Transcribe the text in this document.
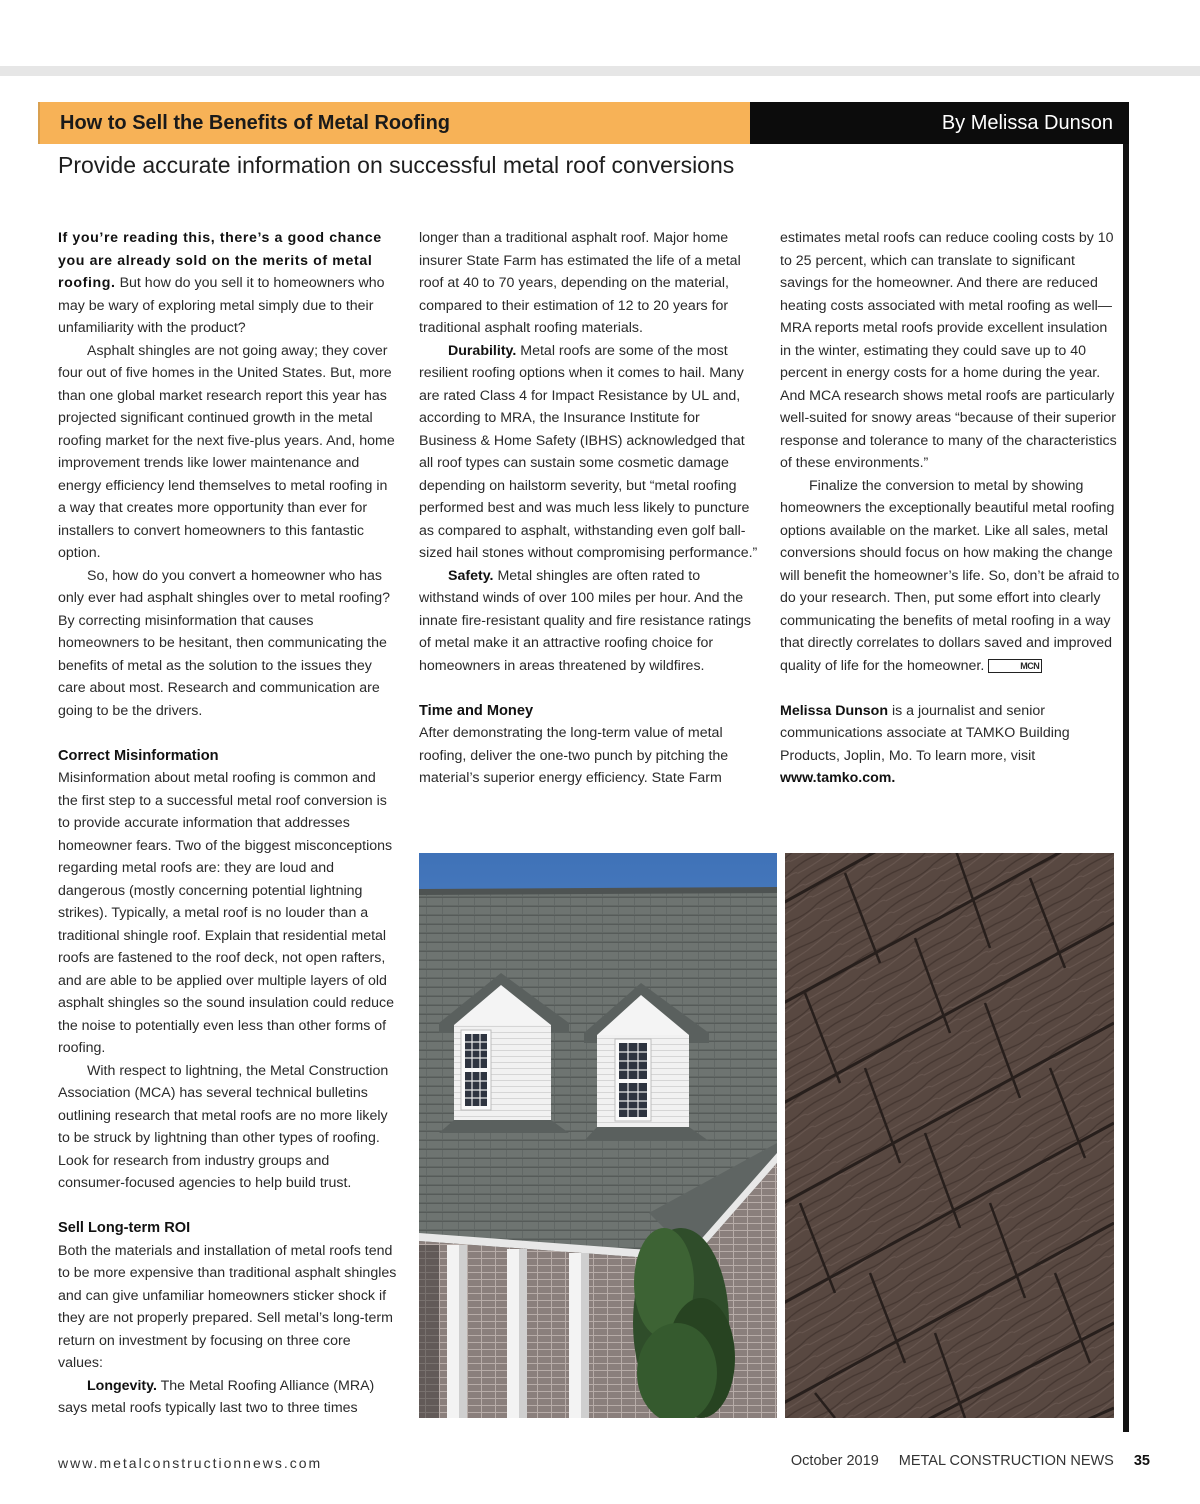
How to Sell the Benefits of Metal Roofing	By Melissa Dunson
Provide accurate information on successful metal roof conversions

If you’re reading this, there’s a good chance you are already sold on the merits of metal roofing. But how do you sell it to homeowners who may be wary of exploring metal simply due to their unfamiliarity with the product?

Asphalt shingles are not going away; they cover four out of five homes in the United States. But, more than one global market research report this year has projected significant continued growth in the metal roofing market for the next five-plus years. And, home improvement trends like lower maintenance and energy efficiency lend themselves to metal roofing in a way that creates more opportunity than ever for installers to convert homeowners to this fantastic option.

So, how do you convert a homeowner who has only ever had asphalt shingles over to metal roofing? By correcting misinformation that causes homeowners to be hesitant, then communicating the benefits of metal as the solution to the issues they care about most. Research and communication are going to be the drivers.

Correct Misinformation

Misinformation about metal roofing is common and the first step to a successful metal roof conversion is to provide accurate information that addresses homeowner fears. Two of the biggest misconceptions regarding metal roofs are: they are loud and dangerous (mostly concerning potential lightning strikes). Typically, a metal roof is no louder than a traditional shingle roof. Explain that residential metal roofs are fastened to the roof deck, not open rafters, and are able to be applied over multiple layers of old asphalt shingles so the sound insulation could reduce the noise to potentially even less than other forms of roofing.

With respect to lightning, the Metal Construction Association (MCA) has several technical bulletins outlining research that metal roofs are no more likely to be struck by lightning than other types of roofing. Look for research from industry groups and consumer-focused agencies to help build trust.

Sell Long-term ROI

Both the materials and installation of metal roofs tend to be more expensive than traditional asphalt shingles and can give unfamiliar homeowners sticker shock if they are not properly prepared. Sell metal’s long-term return on investment by focusing on three core values:

Longevity. The Metal Roofing Alliance (MRA) says metal roofs typically last two to three times

longer than a traditional asphalt roof. Major home insurer State Farm has estimated the life of a metal roof at 40 to 70 years, depending on the material, compared to their estimation of 12 to 20 years for traditional asphalt roofing materials.

Durability. Metal roofs are some of the most resilient roofing options when it comes to hail. Many are rated Class 4 for Impact Resistance by UL and, according to MRA, the Insurance Institute for Business & Home Safety (IBHS) acknowledged that all roof types can sustain some cosmetic damage depending on hailstorm severity, but “metal roofing performed best and was much less likely to puncture as compared to asphalt, withstanding even golf ball-sized hail stones without compromising performance.”

Safety. Metal shingles are often rated to withstand winds of over 100 miles per hour. And the innate fire-resistant quality and fire resistance ratings of metal make it an attractive roofing choice for homeowners in areas threatened by wildfires.

Time and Money

After demonstrating the long-term value of metal roofing, deliver the one-two punch by pitching the material’s superior energy efficiency. State Farm

estimates metal roofs can reduce cooling costs by 10 to 25 percent, which can translate to significant savings for the homeowner. And there are reduced heating costs associated with metal roofing as well—MRA reports metal roofs provide excellent insulation in the winter, estimating they could save up to 40 percent in energy costs for a home during the year. And MCA research shows metal roofs are particularly well-suited for snowy areas “because of their superior response and tolerance to many of the characteristics of these environments.”

Finalize the conversion to metal by showing homeowners the exceptionally beautiful metal roofing options available on the market. Like all sales, metal conversions should focus on how making the change will benefit the homeowner’s life. So, don’t be afraid to do your research. Then, put some effort into clearly communicating the benefits of metal roofing in a way that directly correlates to dollars saved and improved quality of life for the homeowner.	MCN

Melissa Dunson is a journalist and senior communications associate at TAMKO Building Products, Joplin, Mo. To learn more, visit
www.tamko.com.

www.metalconstructionnews.com	October 2019 METAL CONSTRUCTION NEWS 35
